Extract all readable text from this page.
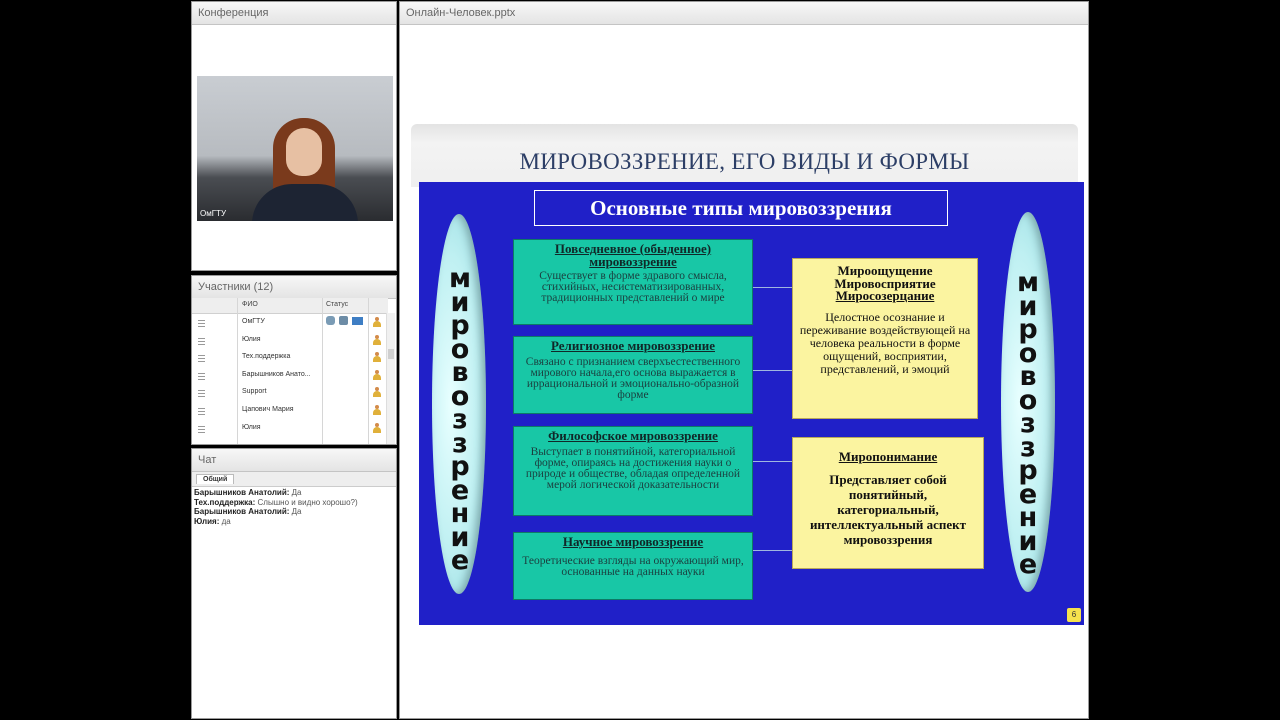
Конференция
ОмГТУ
Участники (12)
ФИО	Статус
ОмГТУ
Юлия
Тех.поддержка
Барышников Анато...
Support
Цапович Мария
Юлия
Чат
Общий
Барышников Анатолий: Да
Тех.поддержка: Слышно и видно хорошо?)
Барышников Анатолий: Да
Юлия: да
Онлайн-Человек.pptx
МИРОВОЗЗРЕНИЕ, ЕГО ВИДЫ И ФОРМЫ
Основные типы мировоззрения
м
и
р
о
в
о
з
з
р
е
н
и
е
м
и
р
о
в
о
з
з
р
е
н
и
е
Повседневное (обыденное) мировоззрение
Существует в форме здравого смысла, стихийных, несистематизированных, традиционных представлений о мире
Религиозное мировоззрение
Связано с признанием сверхъестественного мирового начала,его основа выражается в иррациональной и эмоционально-образной форме
Философское мировоззрение
Выступает в понятийной, категориальной форме, опираясь на достижения науки о природе и обществе, обладая определенной мерой логической доказательности
Научное мировоззрение
Теоретические взгляды на окружающий мир, основанные на данных науки
Мироощущение
Мировосприятие
Миросозерцание
Целостное осознание и переживание воздействующей на человека реальности в форме ощущений, восприятии, представлений, и эмоций
Миропонимание
Представляет собой понятийный, категориальный, интеллектуальный аспект мировоззрения
6
